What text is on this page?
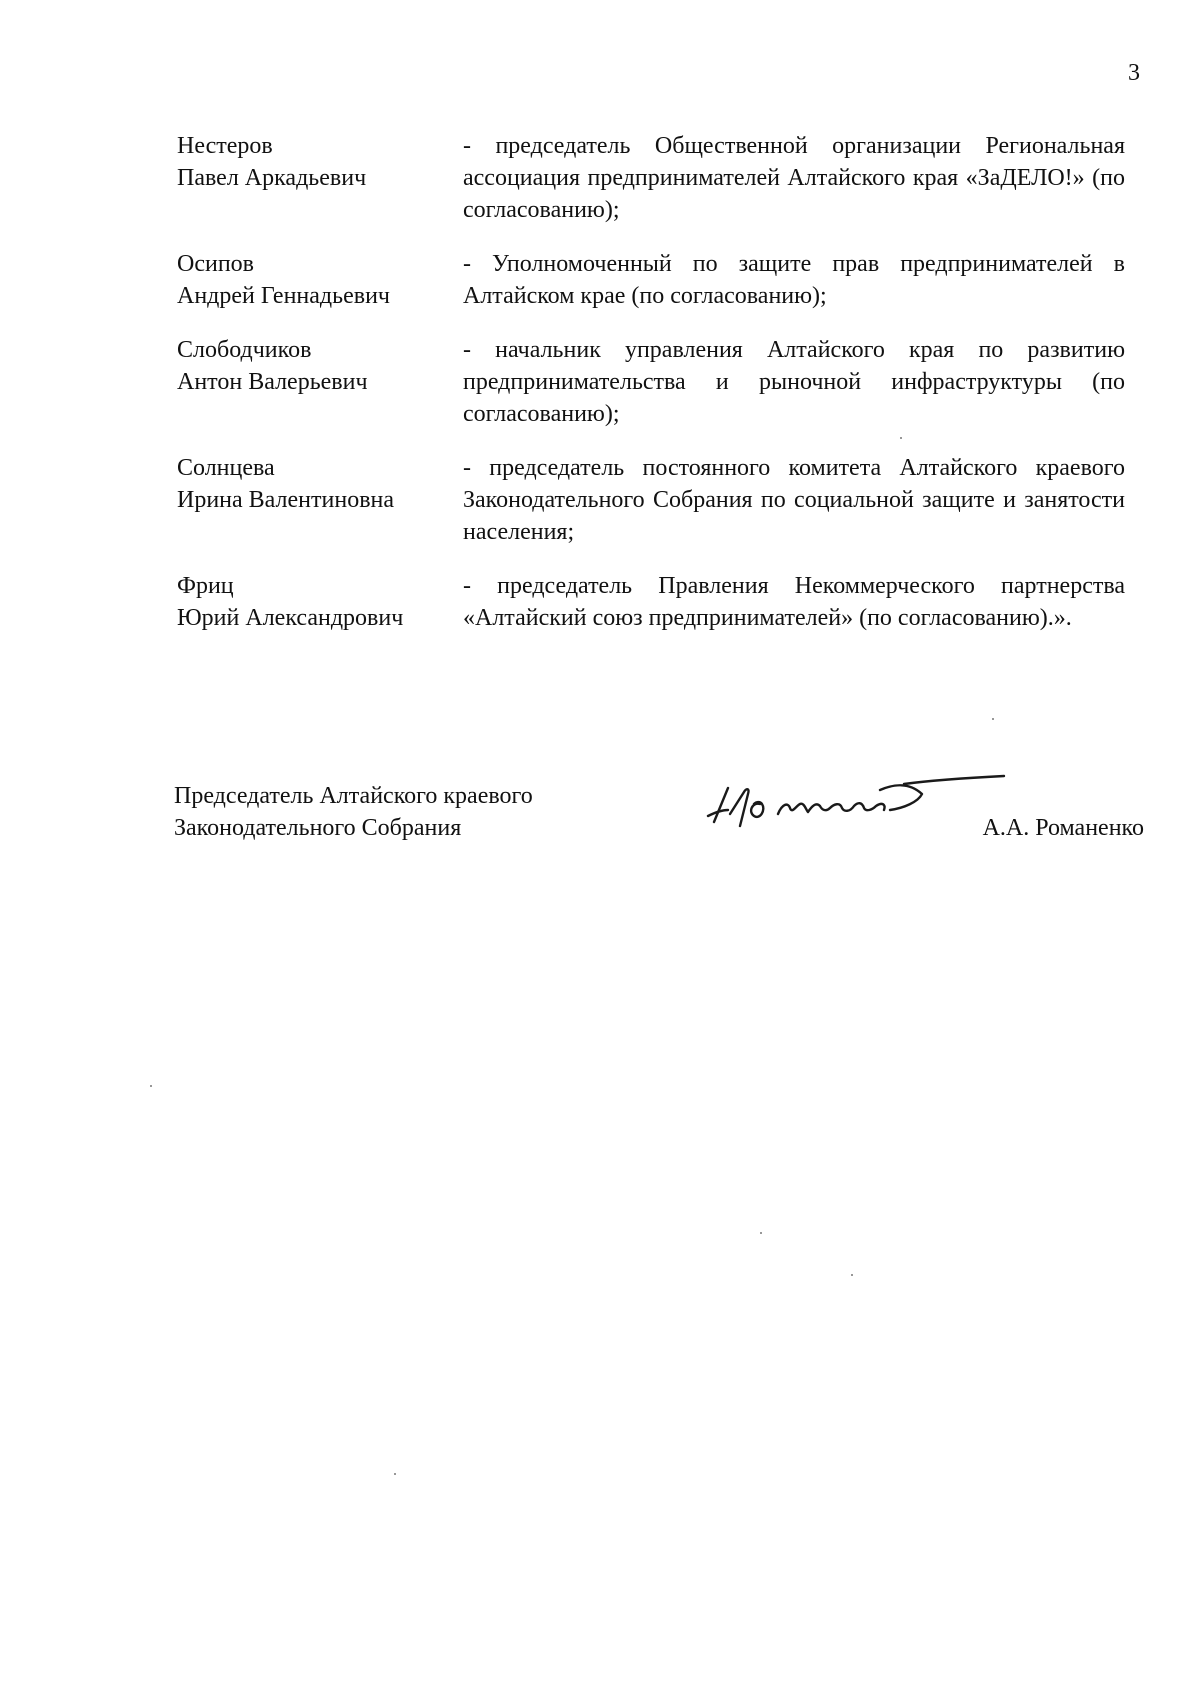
3
Нестеров
Павел Аркадьевич
- председатель Общественной организации Региональная ассоциация предпринимателей Алтайского края «ЗаДЕЛО!» (по согласованию);
Осипов
Андрей Геннадьевич
- Уполномоченный по защите прав предпринимателей в Алтайском крае (по согласованию);
Слободчиков
Антон Валерьевич
- начальник управления Алтайского края по развитию предпринимательства и рыночной инфраструктуры (по согласованию);
Солнцева
Ирина Валентиновна
- председатель постоянного комитета Алтайского краевого Законодательного Собрания по социальной защите и занятости населения;
Фриц
Юрий Александрович
- председатель Правления Некоммерческого партнерства «Алтайский союз предпринимателей» (по согласованию).».
Председатель Алтайского краевого
Законодательного Собрания	А.А. Романенко
